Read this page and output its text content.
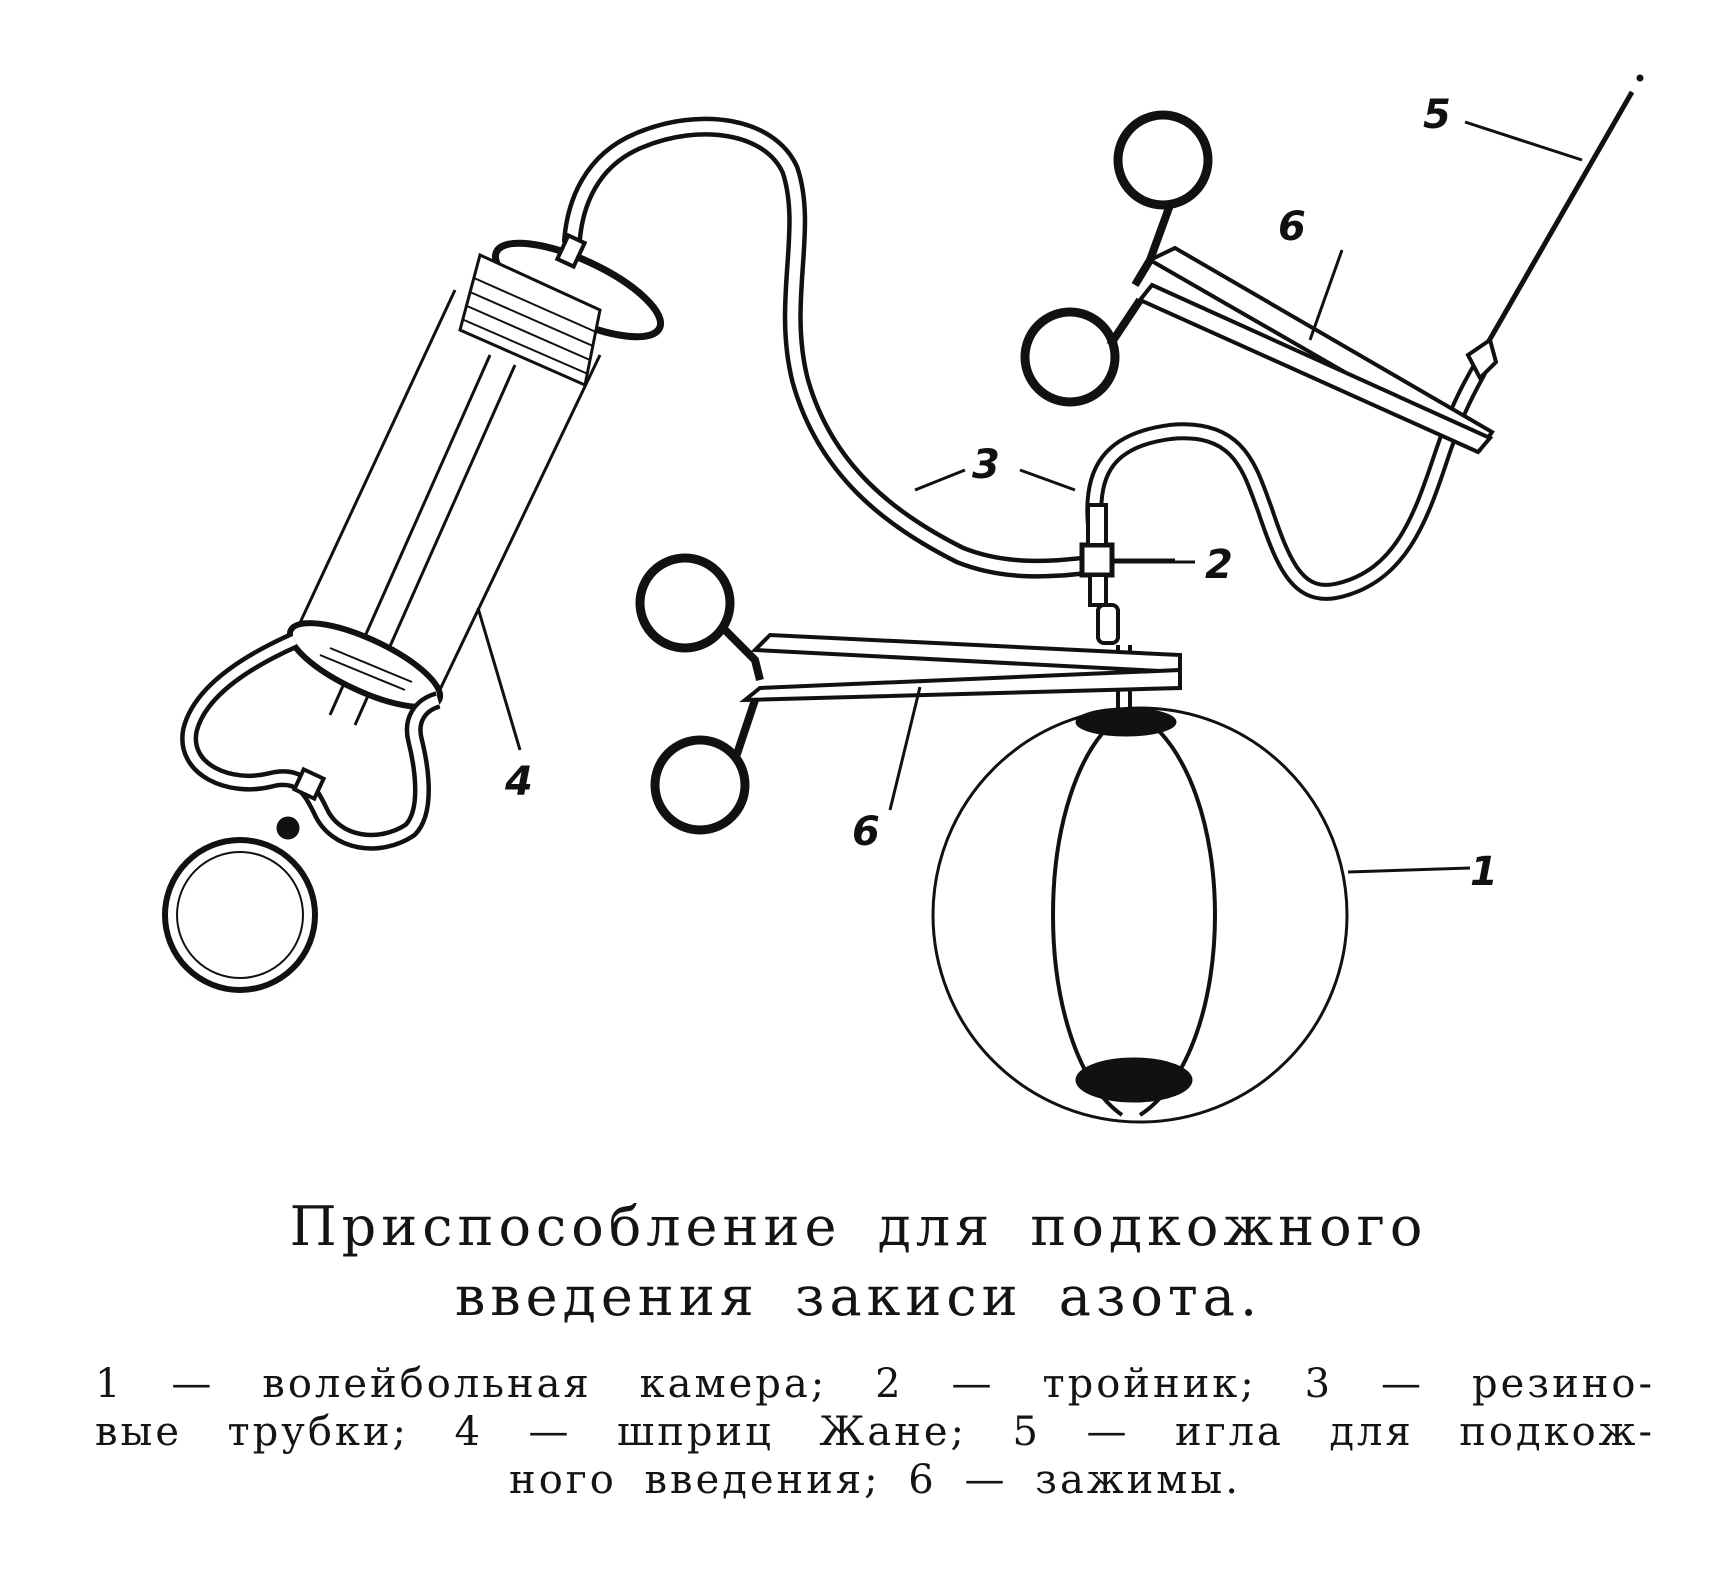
4
2
3
5
6
6
1
Приспособление для подкожного
введения закиси азота.
1 — волейбольная камера; 2 — тройник; 3 — резино-
вые трубки; 4 — шприц Жане; 5 — игла для подкож-
ного введения; 6 — зажимы.
